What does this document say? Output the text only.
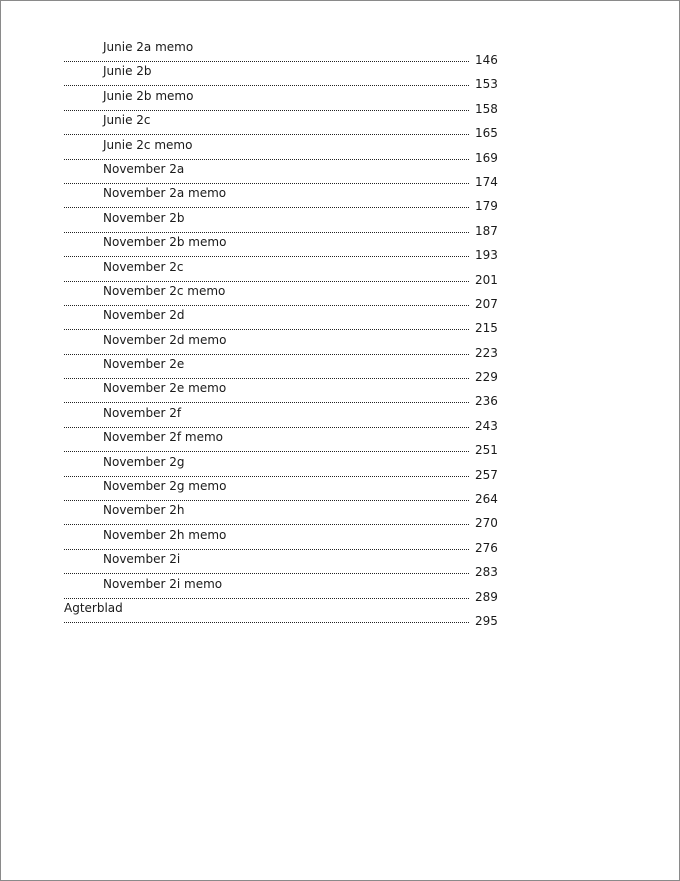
Junie 2a memo
146
Junie 2b
153
Junie 2b memo
158
Junie 2c
165
Junie 2c memo
169
November 2a
174
November 2a memo
179
November 2b
187
November 2b memo
193
November 2c
201
November 2c memo
207
November 2d
215
November 2d memo
223
November 2e
229
November 2e memo
236
November 2f
243
November 2f memo
251
November 2g
257
November 2g memo
264
November 2h
270
November 2h memo
276
November 2i
283
November 2i memo
289
Agterblad
295
